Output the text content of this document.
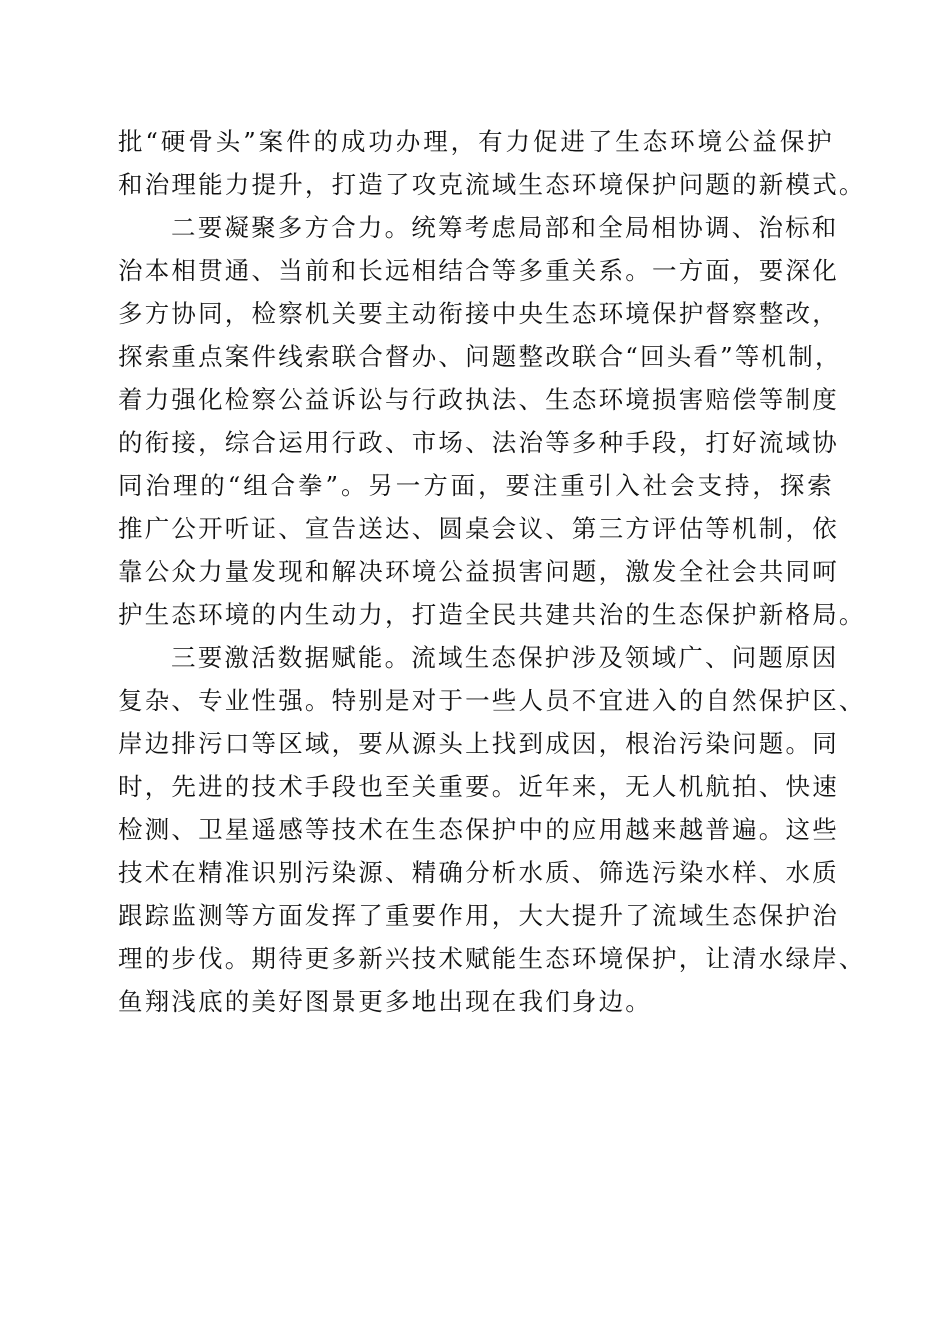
批“硬骨头”案件的成功办理，有力促进了生态环境公益保护
和治理能力提升，打造了攻克流域生态环境保护问题的新模式。
二要凝聚多方合力。统筹考虑局部和全局相协调、治标和
治本相贯通、当前和长远相结合等多重关系。一方面，要深化
多方协同，检察机关要主动衔接中央生态环境保护督察整改，
探索重点案件线索联合督办、问题整改联合“回头看”等机制，
着力强化检察公益诉讼与行政执法、生态环境损害赔偿等制度
的衔接，综合运用行政、市场、法治等多种手段，打好流域协
同治理的“组合拳”。另一方面，要注重引入社会支持，探索
推广公开听证、宣告送达、圆桌会议、第三方评估等机制，依
靠公众力量发现和解决环境公益损害问题，激发全社会共同呵
护生态环境的内生动力，打造全民共建共治的生态保护新格局。
三要激活数据赋能。流域生态保护涉及领域广、问题原因
复杂、专业性强。特别是对于一些人员不宜进入的自然保护区、
岸边排污口等区域，要从源头上找到成因，根治污染问题。同
时，先进的技术手段也至关重要。近年来，无人机航拍、快速
检测、卫星遥感等技术在生态保护中的应用越来越普遍。这些
技术在精准识别污染源、精确分析水质、筛选污染水样、水质
跟踪监测等方面发挥了重要作用，大大提升了流域生态保护治
理的步伐。期待更多新兴技术赋能生态环境保护，让清水绿岸、
鱼翔浅底的美好图景更多地出现在我们身边。
